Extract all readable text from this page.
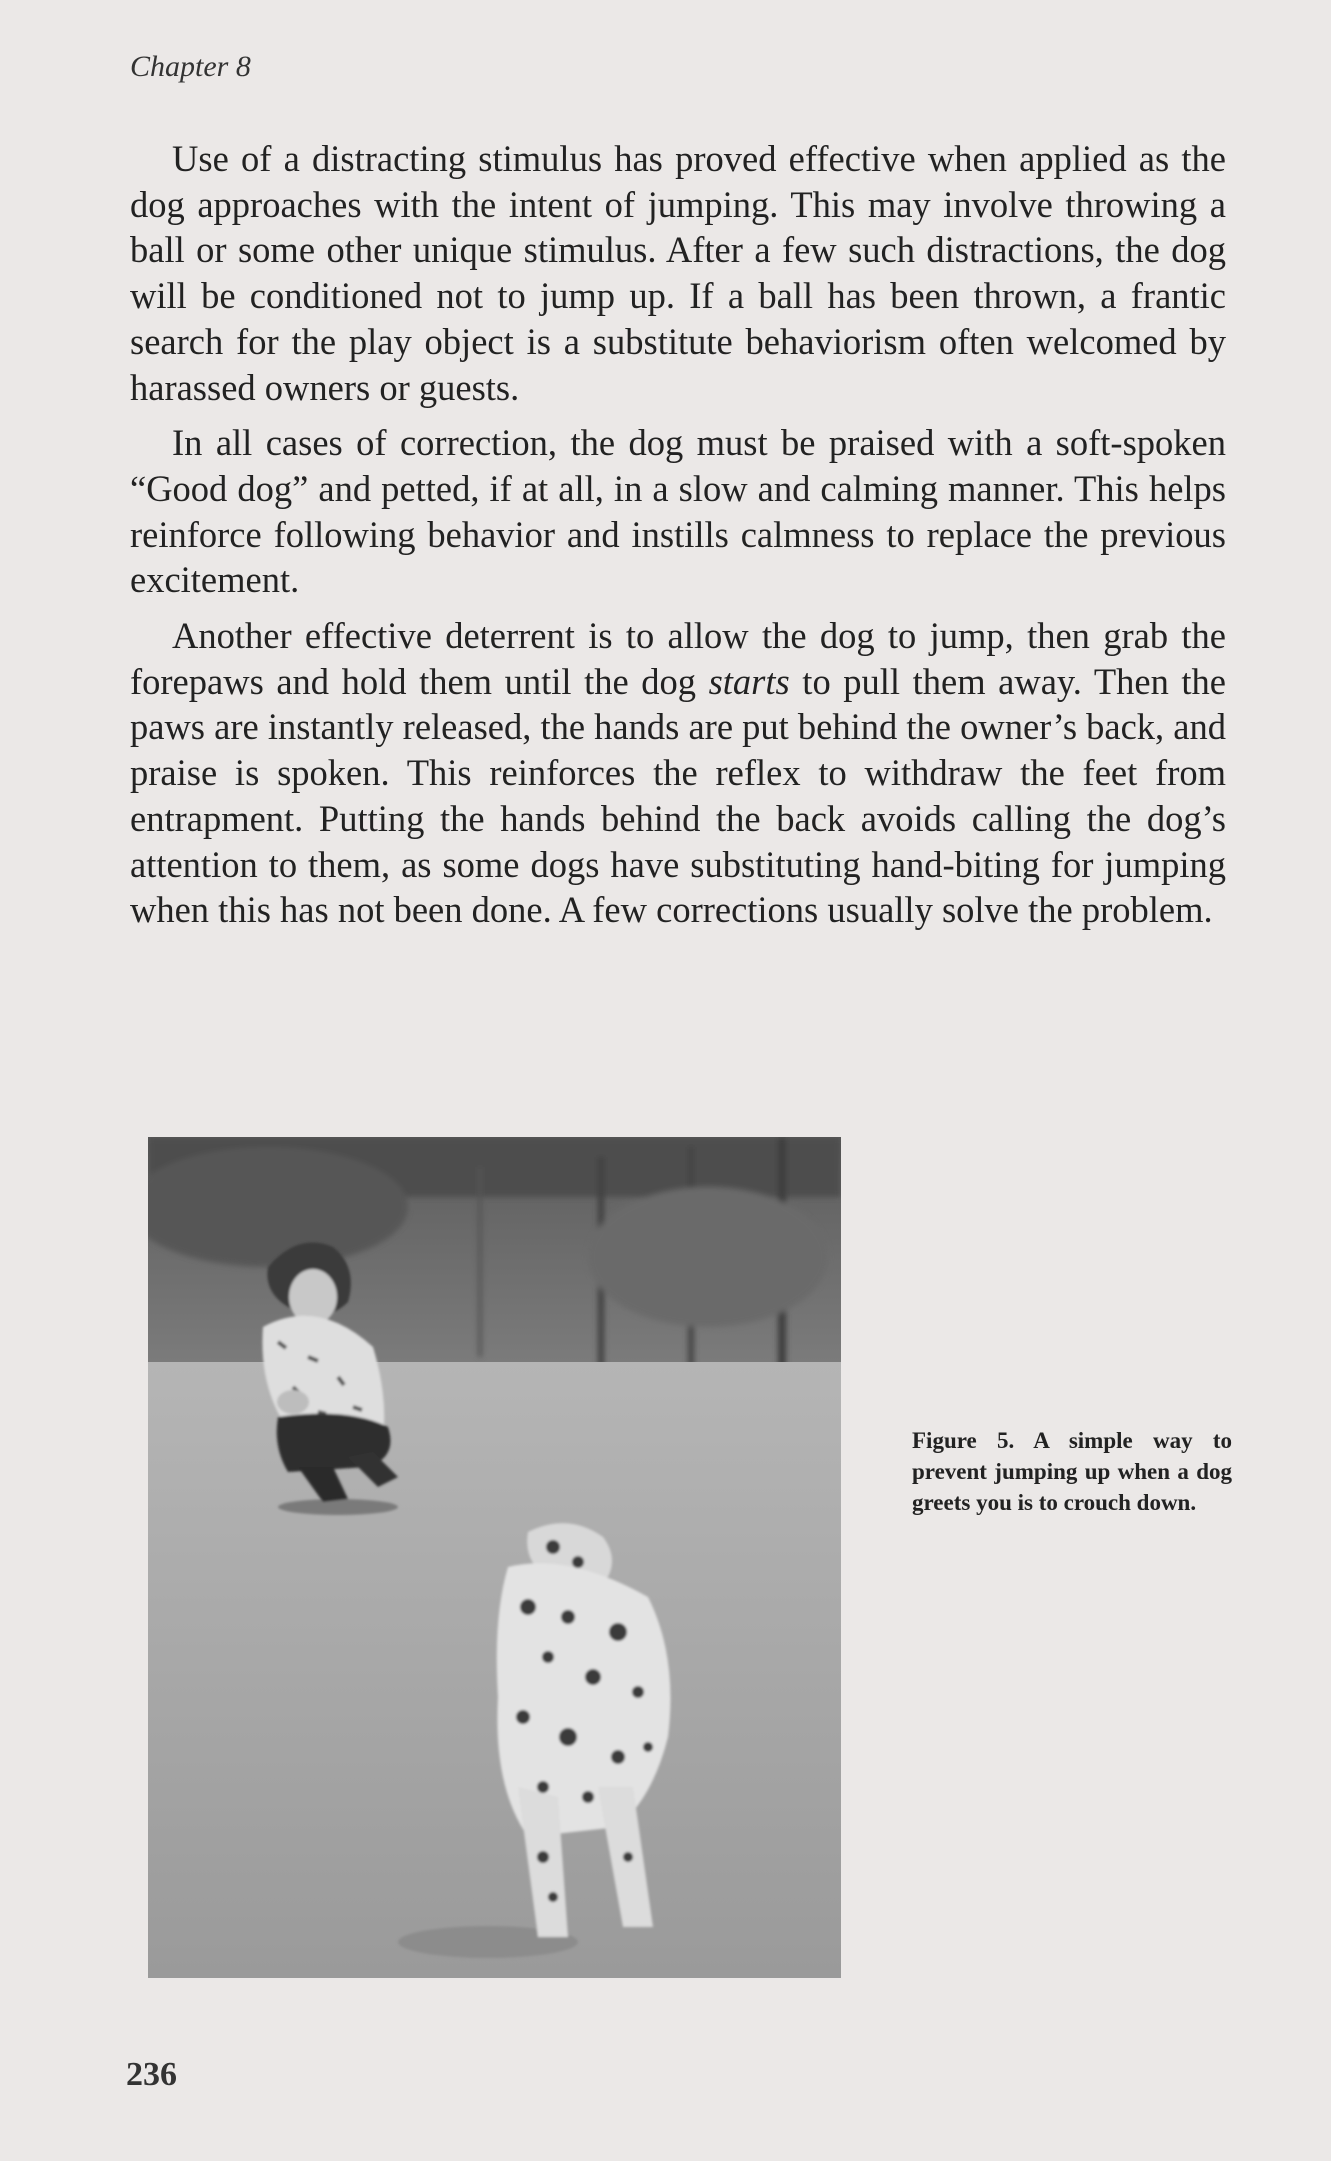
Chapter 8

Use of a distracting stimulus has proved effective when applied as the dog approaches with the intent of jumping. This may involve throwing a ball or some other unique stimulus. After a few such distractions, the dog will be conditioned not to jump up. If a ball has been thrown, a frantic search for the play object is a substitute behaviorism often welcomed by harassed owners or guests.

In all cases of correction, the dog must be praised with a soft-spoken “Good dog” and petted, if at all, in a slow and calming manner. This helps reinforce following behavior and instills calmness to replace the previous excitement.

Another effective deterrent is to allow the dog to jump, then grab the forepaws and hold them until the dog starts to pull them away. Then the paws are instantly released, the hands are put behind the owner’s back, and praise is spoken. This reinforces the reflex to withdraw the feet from entrapment. Putting the hands behind the back avoids calling the dog’s attention to them, as some dogs have substituting hand-biting for jumping when this has not been done. A few corrections usually solve the problem.

Figure 5. A simple way to prevent jumping up when a dog greets you is to crouch down.
236
